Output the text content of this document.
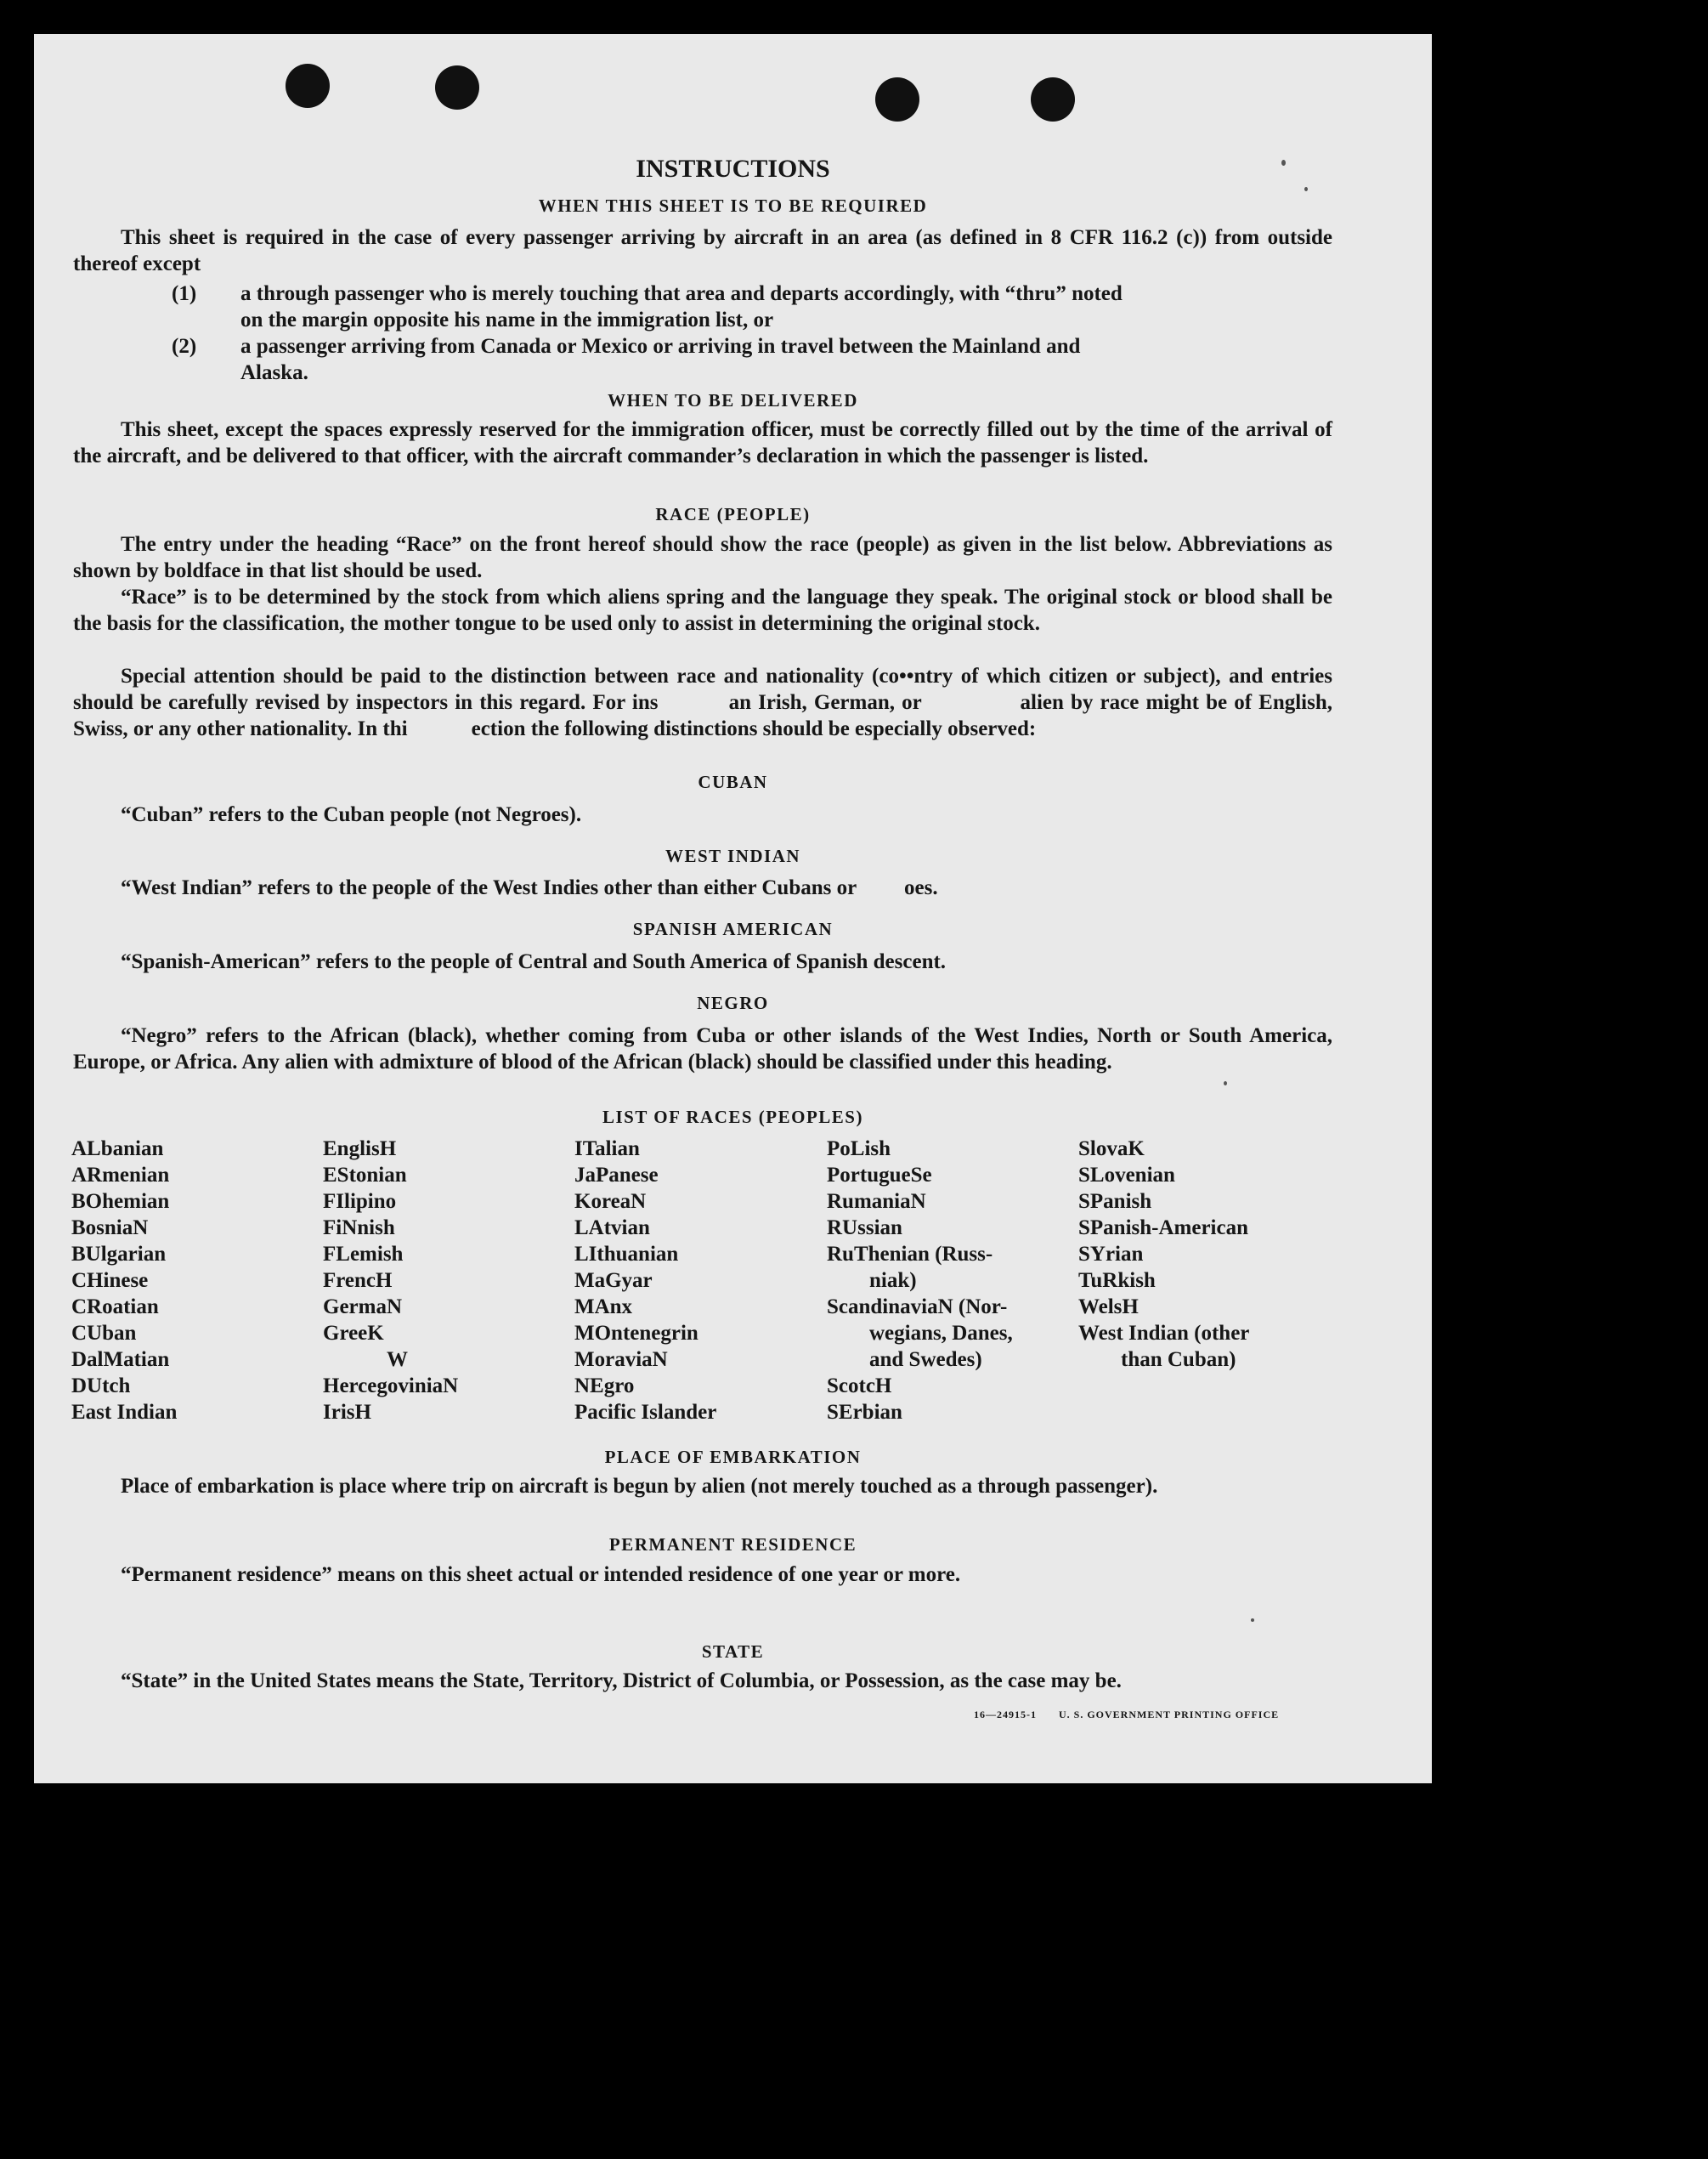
INSTRUCTIONS
WHEN THIS SHEET IS TO BE REQUIRED
This sheet is required in the case of every passenger arriving by aircraft in an area (as defined in 8 CFR 116.2 (c)) from outside thereof except
(1) a through passenger who is merely touching that area and departs accordingly, with “thru” noted
on the margin opposite his name in the immigration list, or
(2) a passenger arriving from Canada or Mexico or arriving in travel between the Mainland and
Alaska.
WHEN TO BE DELIVERED
This sheet, except the spaces expressly reserved for the immigration officer, must be correctly filled out by the time of the arrival of the aircraft, and be delivered to that officer, with the aircraft commander’s declaration in which the passenger is listed.
RACE (PEOPLE)
The entry under the heading “Race” on the front hereof should show the race (people) as given in the list below. Abbreviations as shown by boldface in that list should be used.
“Race” is to be determined by the stock from which aliens spring and the language they speak. The original stock or blood shall be the basis for the classification, the mother tongue to be used only to assist in determining the original stock.
Special attention should be paid to the distinction between race and nationality (co••ntry of which citizen or subject), and entries should be carefully revised by inspectors in this regard. For ins    an Irish, German, or      alien by race might be of English, Swiss, or any other nationality. In thi   ection the following distinctions should be especially observed:
CUBAN
“Cuban” refers to the Cuban people (not Negroes).
WEST INDIAN
“West Indian” refers to the people of the West Indies other than either Cubans or   oes.
SPANISH AMERICAN
“Spanish-American” refers to the people of Central and South America of Spanish descent.
NEGRO
“Negro” refers to the African (black), whether coming from Cuba or other islands of the West Indies, North or South America, Europe, or Africa. Any alien with admixture of blood of the African (black) should be classified under this heading.
LIST OF RACES (PEOPLES)
ALbanian
ARmenian
BOhemian
BosniaN
BUlgarian
CHinese
CRoatian
CUban
DalMatian
DUtch
East Indian
EnglisH
EStonian
FIlipino
FiNnish
FLemish
FrencH
GermaN
GreeK
   W
HercegoviniaN
IrisH
ITalian
JaPanese
KoreaN
LAtvian
LIthuanian
MaGyar
MAnx
MOntenegrin
MoraviaN
NEgro
Pacific Islander
PoLish
PortugueSe
RumaniaN
RUssian
RuThenian (Russ-
  niak)
ScandinaviaN (Nor-
  wegians, Danes,
  and Swedes)
ScotcH
SErbian
SlovaK
SLovenian
SPanish
SPanish-American
SYrian
TuRkish
WelsH
West Indian (other
  than Cuban)
PLACE OF EMBARKATION
Place of embarkation is place where trip on aircraft is begun by alien (not merely touched as a through passenger).
PERMANENT RESIDENCE
“Permanent residence” means on this sheet actual or intended residence of one year or more.
STATE
“State” in the United States means the State, Territory, District of Columbia, or Possession, as the case may be.
16—24915-1  U. S. GOVERNMENT PRINTING OFFICE
